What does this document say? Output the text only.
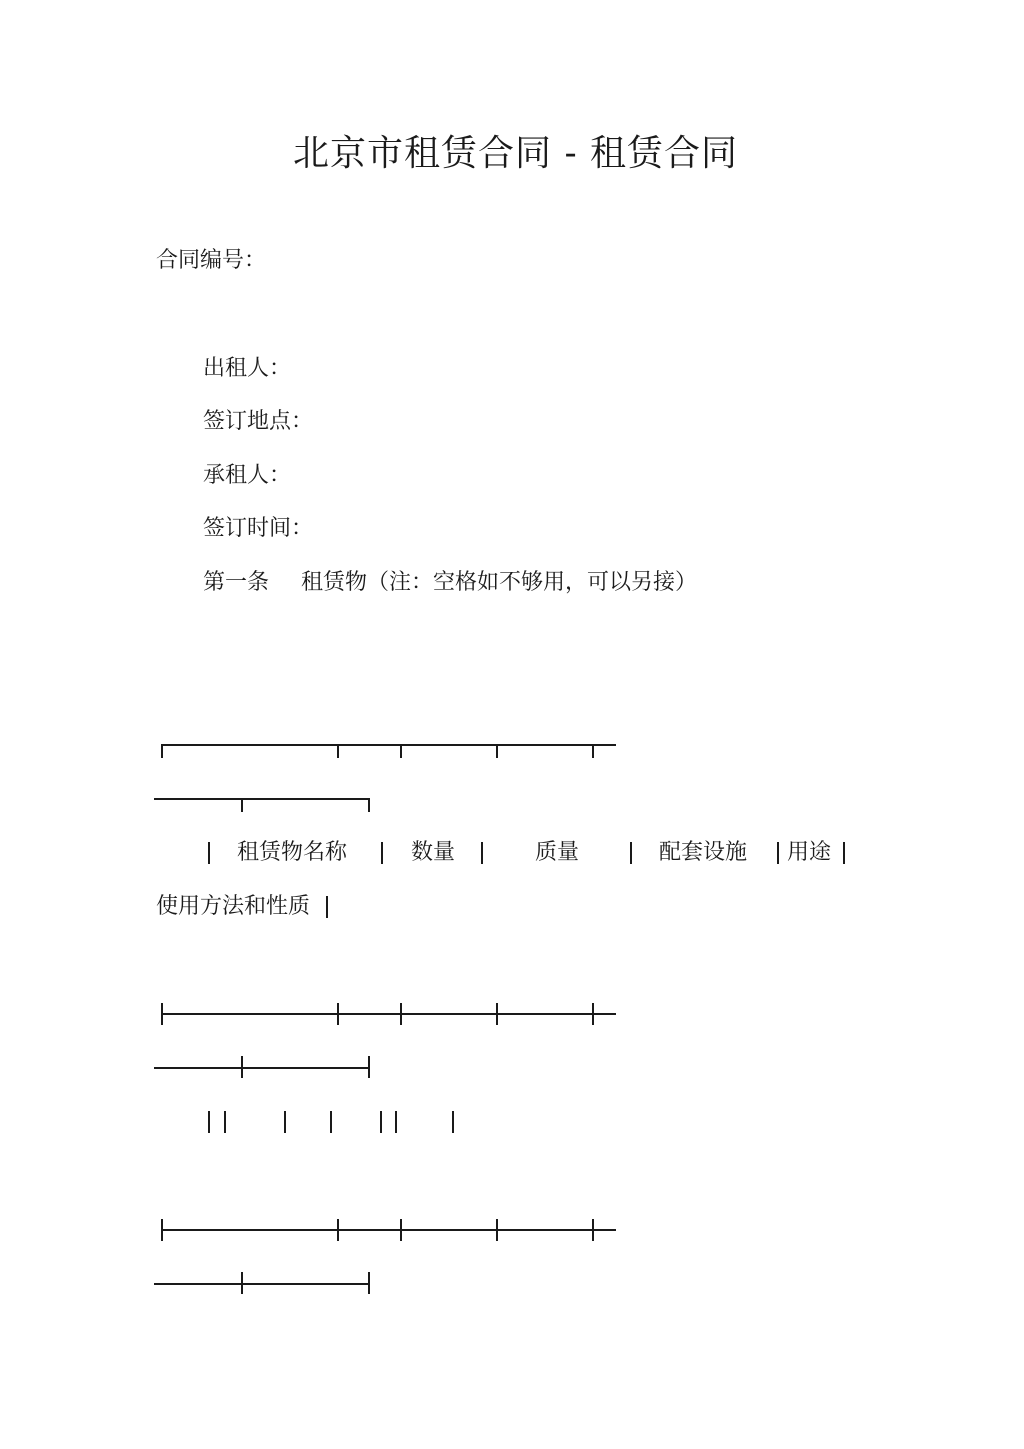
北京市租赁合同 - 租赁合同
合同编号：
出租人：
签订地点：
承租人：
签订时间：
第一条 租赁物（注：空格如不够用，可以另接）
租赁物名称	数量	质量	配套设施 用途
使用方法和性质
